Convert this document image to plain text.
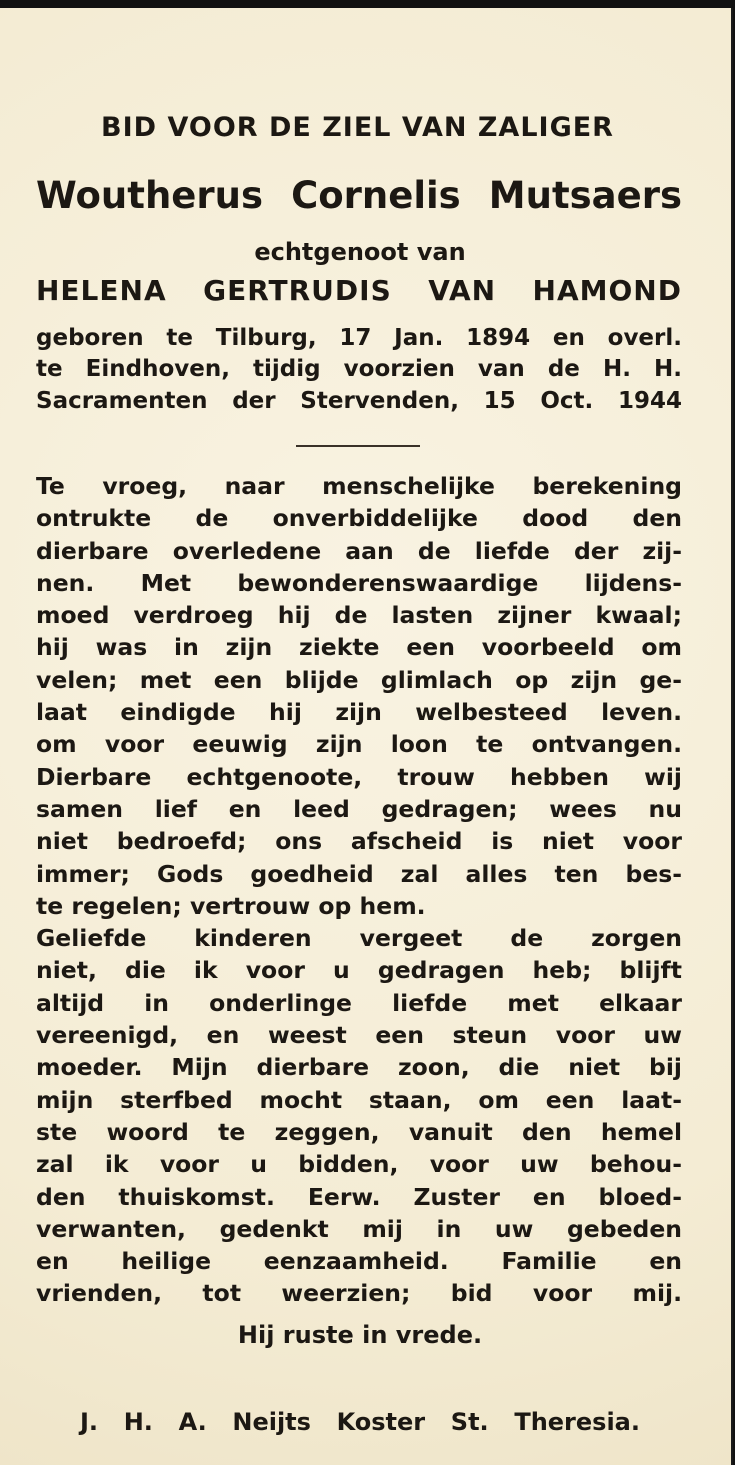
BID VOOR DE ZIEL VAN ZALIGER
Woutherus Cornelis Mutsaers
echtgenoot van
HELENA GERTRUDIS VAN HAMOND

geboren te Tilburg, 17 Jan. 1894 en overl.

te Eindhoven, tijdig voorzien van de H. H.

Sacramenten der Stervenden, 15 Oct. 1944

Te vroeg, naar menschelijke berekening
ontrukte de onverbiddelijke dood den
dierbare overledene aan de liefde der zij-
nen. Met bewonderenswaardige lijdens-
moed verdroeg hij de lasten zijner kwaal;
hij was in zijn ziekte een voorbeeld om
velen; met een blijde glimlach op zijn ge-
laat eindigde hij zijn welbesteed leven.
om voor eeuwig zijn loon te ontvangen.
Dierbare echtgenoote, trouw hebben wij
samen lief en leed gedragen; wees nu
niet bedroefd; ons afscheid is niet voor
immer; Gods goedheid zal alles ten bes-
te regelen; vertrouw op hem.
Geliefde kinderen vergeet de zorgen
niet, die ik voor u gedragen heb; blijft
altijd in onderlinge liefde met elkaar
vereenigd, en weest een steun voor uw
moeder. Mijn dierbare zoon, die niet bij
mijn sterfbed mocht staan, om een laat-
ste woord te zeggen, vanuit den hemel
zal ik voor u bidden, voor uw behou-
den thuiskomst. Eerw. Zuster en bloed-
verwanten, gedenkt mij in uw gebeden
en heilige eenzaamheid. Familie en
vrienden, tot weerzien; bid voor mij.
Hij ruste in vrede.
J. H. A. Neijts Koster St. Theresia.
